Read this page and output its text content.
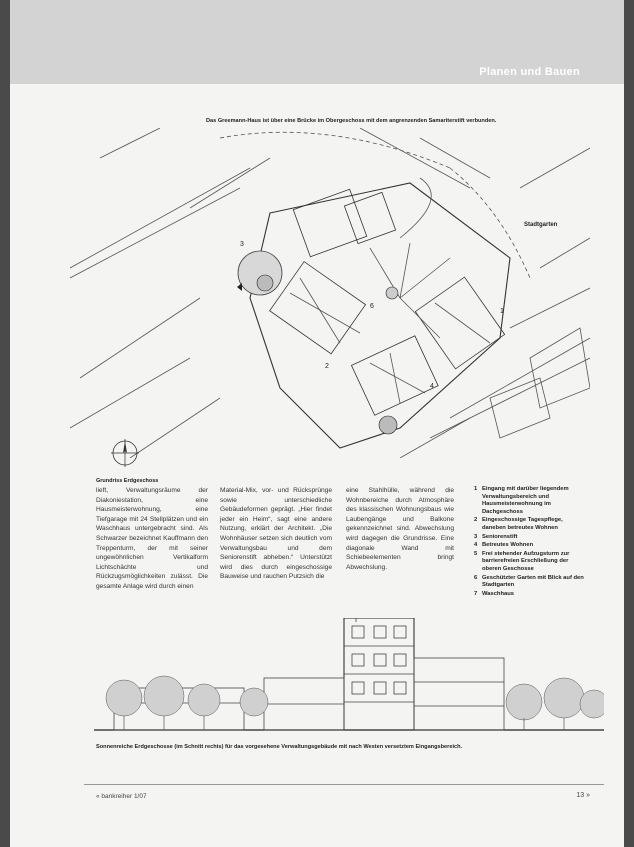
Planen und Bauen
Das Greemann-Haus ist über eine Brücke im Obergeschoss mit dem angrenzenden Samariterstift verbunden.
3
6
2
4
1
Grundriss Erdgeschoss
Stadtgarten
lieft, Verwaltungsräume der Diakoniestation, eine Hausmeisterwohnung, eine Tiefgarage mit 24 Stellplätzen und ein Waschhaus untergebracht sind. Als Schwarzer bezeichnet Kauffmann den Treppenturm, der mit seiner ungewöhnlichen Vertikalform Lichtschächte und Rückzugsmöglichkeiten zulässt. Die gesamte Anlage wird durch einen
Material-Mix, vor- und Rücksprünge sowie unterschiedliche Gebäudeformen geprägt. „Hier findet jeder ein Heim“, sagt eine andere Nutzung, erklärt der Architekt. „Die Wohnhäuser setzen sich deutlich vom Verwaltungsbau und dem Seniorenstift abheben.“ Unterstützt wird dies durch eingeschossige Bauweise und rauchen Putzsich die
eine Stahlhülle, während die Wohnbereiche durch Atmosphäre des klassischen Wohnungsbaus wie Laubengänge und Balkone gekennzeichnet sind. Abwechslung wird dagegen die Grundrisse. Eine diagonale Wand mit Schiebeelementen bringt Abwechslung.
1 Eingang mit darüber liegendem Verwaltungsbereich und Hausmeisterwohnung im Dachgeschoss
2 Eingeschossige Tagespflege, daneben betreutes Wohnen
3 Seniorenstift
4 Betreutes Wohnen
5 Frei stehender Aufzugsturm zur barrierefreien Erschließung der oberen Geschosse
6 Geschützter Garten mit Blick auf den Stadtgarten
7 Waschhaus
Sonnenreiche Erdgeschosse (im Schnitt rechts) für das vorgesehene Verwaltungsgebäude mit nach Westen versetztem Eingangsbereich.
« bankreiher 1/07	13 »
